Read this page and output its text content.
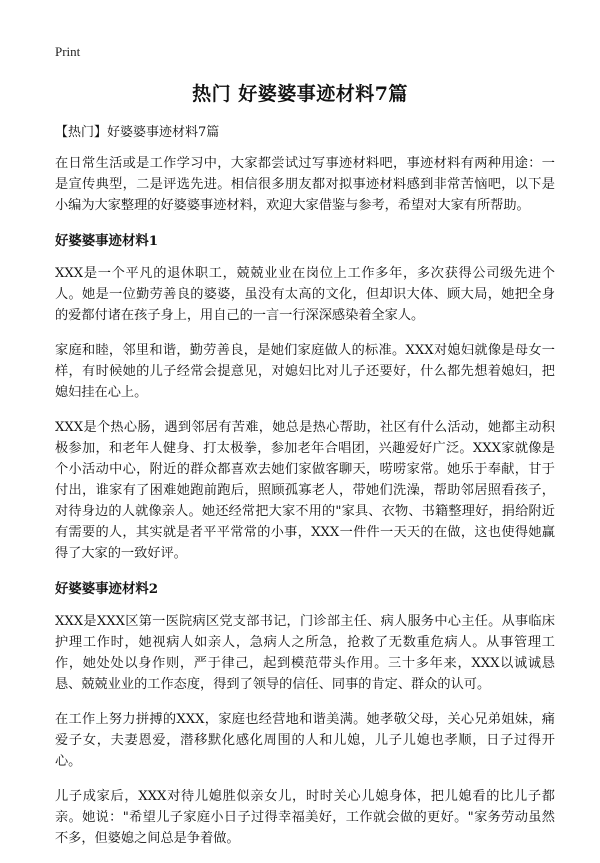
Print
热门 好婆婆事迹材料7篇
【热门】好婆婆事迹材料7篇

在日常生活或是工作学习中，大家都尝试过写事迹材料吧，事迹材料有两种用途：一是宣传典型，二是评选先进。相信很多朋友都对拟事迹材料感到非常苦恼吧，以下是小编为大家整理的好婆婆事迹材料，欢迎大家借鉴与参考，希望对大家有所帮助。

好婆婆事迹材料1

XXX是一个平凡的退休职工，兢兢业业在岗位上工作多年，多次获得公司级先进个人。她是一位勤劳善良的婆婆，虽没有太高的文化，但却识大体、顾大局，她把全身的爱都付诸在孩子身上，用自己的一言一行深深感染着全家人。

家庭和睦，邻里和谐，勤劳善良，是她们家庭做人的标准。XXX对媳妇就像是母女一样，有时候她的儿子经常会提意见，对媳妇比对儿子还要好，什么都先想着媳妇，把媳妇挂在心上。

XXX是个热心肠，遇到邻居有苦难，她总是热心帮助，社区有什么活动，她都主动积极参加，和老年人健身、打太极拳，参加老年合唱团，兴趣爱好广泛。XXX家就像是个小活动中心，附近的群众都喜欢去她们家做客聊天，唠唠家常。她乐于奉献，甘于付出，谁家有了困难她跑前跑后，照顾孤寡老人，带她们洗澡，帮助邻居照看孩子，对待身边的人就像亲人。她还经常把大家不用的"家具、衣物、书籍整理好，捐给附近有需要的人，其实就是者平平常常的小事，XXX一件件一天天的在做，这也使得她赢得了大家的一致好评。

好婆婆事迹材料2

XXX是XXX区第一医院病区党支部书记，门诊部主任、病人服务中心主任。从事临床护理工作时，她视病人如亲人，急病人之所急，抢救了无数重危病人。从事管理工作，她处处以身作则，严于律己，起到模范带头作用。三十多年来，XXX以诚诚恳恳、兢兢业业的工作态度，得到了领导的信任、同事的肯定、群众的认可。

在工作上努力拼搏的XXX，家庭也经营地和谐美满。她孝敬父母，关心兄弟姐妹，痛爱子女，夫妻恩爱，潜移默化感化周围的人和儿媳，儿子儿媳也孝顺，日子过得开心。

儿子成家后，XXX对待儿媳胜似亲女儿，时时关心儿媳身体，把儿媳看的比儿子都亲。她说："希望儿子家庭小日子过得幸福美好，工作就会做的更好。"家务劳动虽然不多，但婆媳之间总是争着做。
